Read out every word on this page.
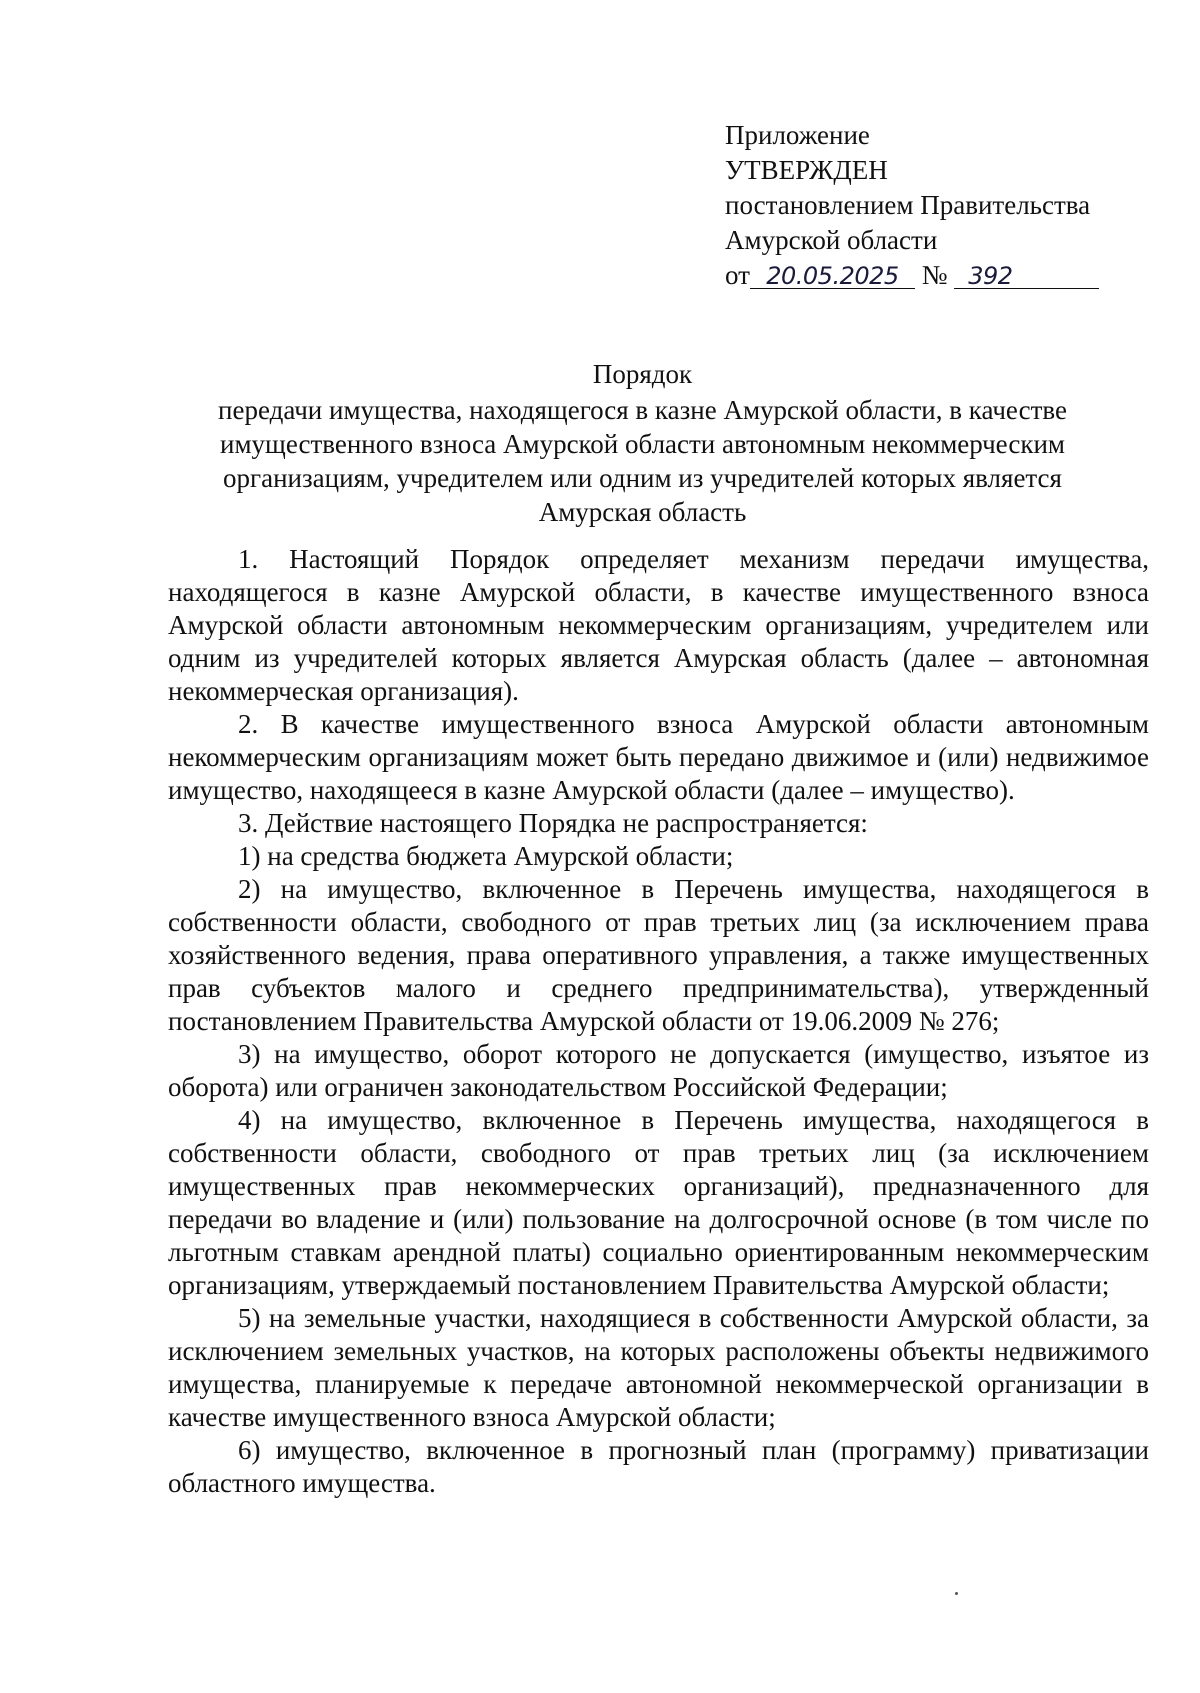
Приложение
УТВЕРЖДЕН
постановлением Правительства
Амурской области
от 20.05.2025 № 392
Порядок
передачи имущества, находящегося в казне Амурской области, в качестве
имущественного взноса Амурской области автономным некоммерческим
организациям, учредителем или одним из учредителей которых является
Амурская область

1. Настоящий Порядок определяет механизм передачи имущества, находящегося в казне Амурской области, в качестве имущественного взноса Амурской области автономным некоммерческим организациям, учредителем или одним из учредителей которых является Амурская область (далее – автономная некоммерческая организация).

2. В качестве имущественного взноса Амурской области автономным некоммерческим организациям может быть передано движимое и (или) недвижимое имущество, находящееся в казне Амурской области (далее – имущество).

3. Действие настоящего Порядка не распространяется:

1) на средства бюджета Амурской области;

2) на имущество, включенное в Перечень имущества, находящегося в собственности области, свободного от прав третьих лиц (за исключением права хозяйственного ведения, права оперативного управления, а также имущественных прав субъектов малого и среднего предпринимательства), утвержденный постановлением Правительства Амурской области от 19.06.2009 № 276;

3) на имущество, оборот которого не допускается (имущество, изъятое из оборота) или ограничен законодательством Российской Федерации;

4) на имущество, включенное в Перечень имущества, находящегося в собственности области, свободного от прав третьих лиц (за исключением имущественных прав некоммерческих организаций), предназначенного для передачи во владение и (или) пользование на долгосрочной основе (в том числе по льготным ставкам арендной платы) социально ориентированным некоммерческим организациям, утверждаемый постановлением Правительства Амурской области;

5) на земельные участки, находящиеся в собственности Амурской области, за исключением земельных участков, на которых расположены объекты недвижимого имущества, планируемые к передаче автономной некоммерческой организации в качестве имущественного взноса Амурской области;

6) имущество, включенное в прогнозный план (программу) приватизации областного имущества.
